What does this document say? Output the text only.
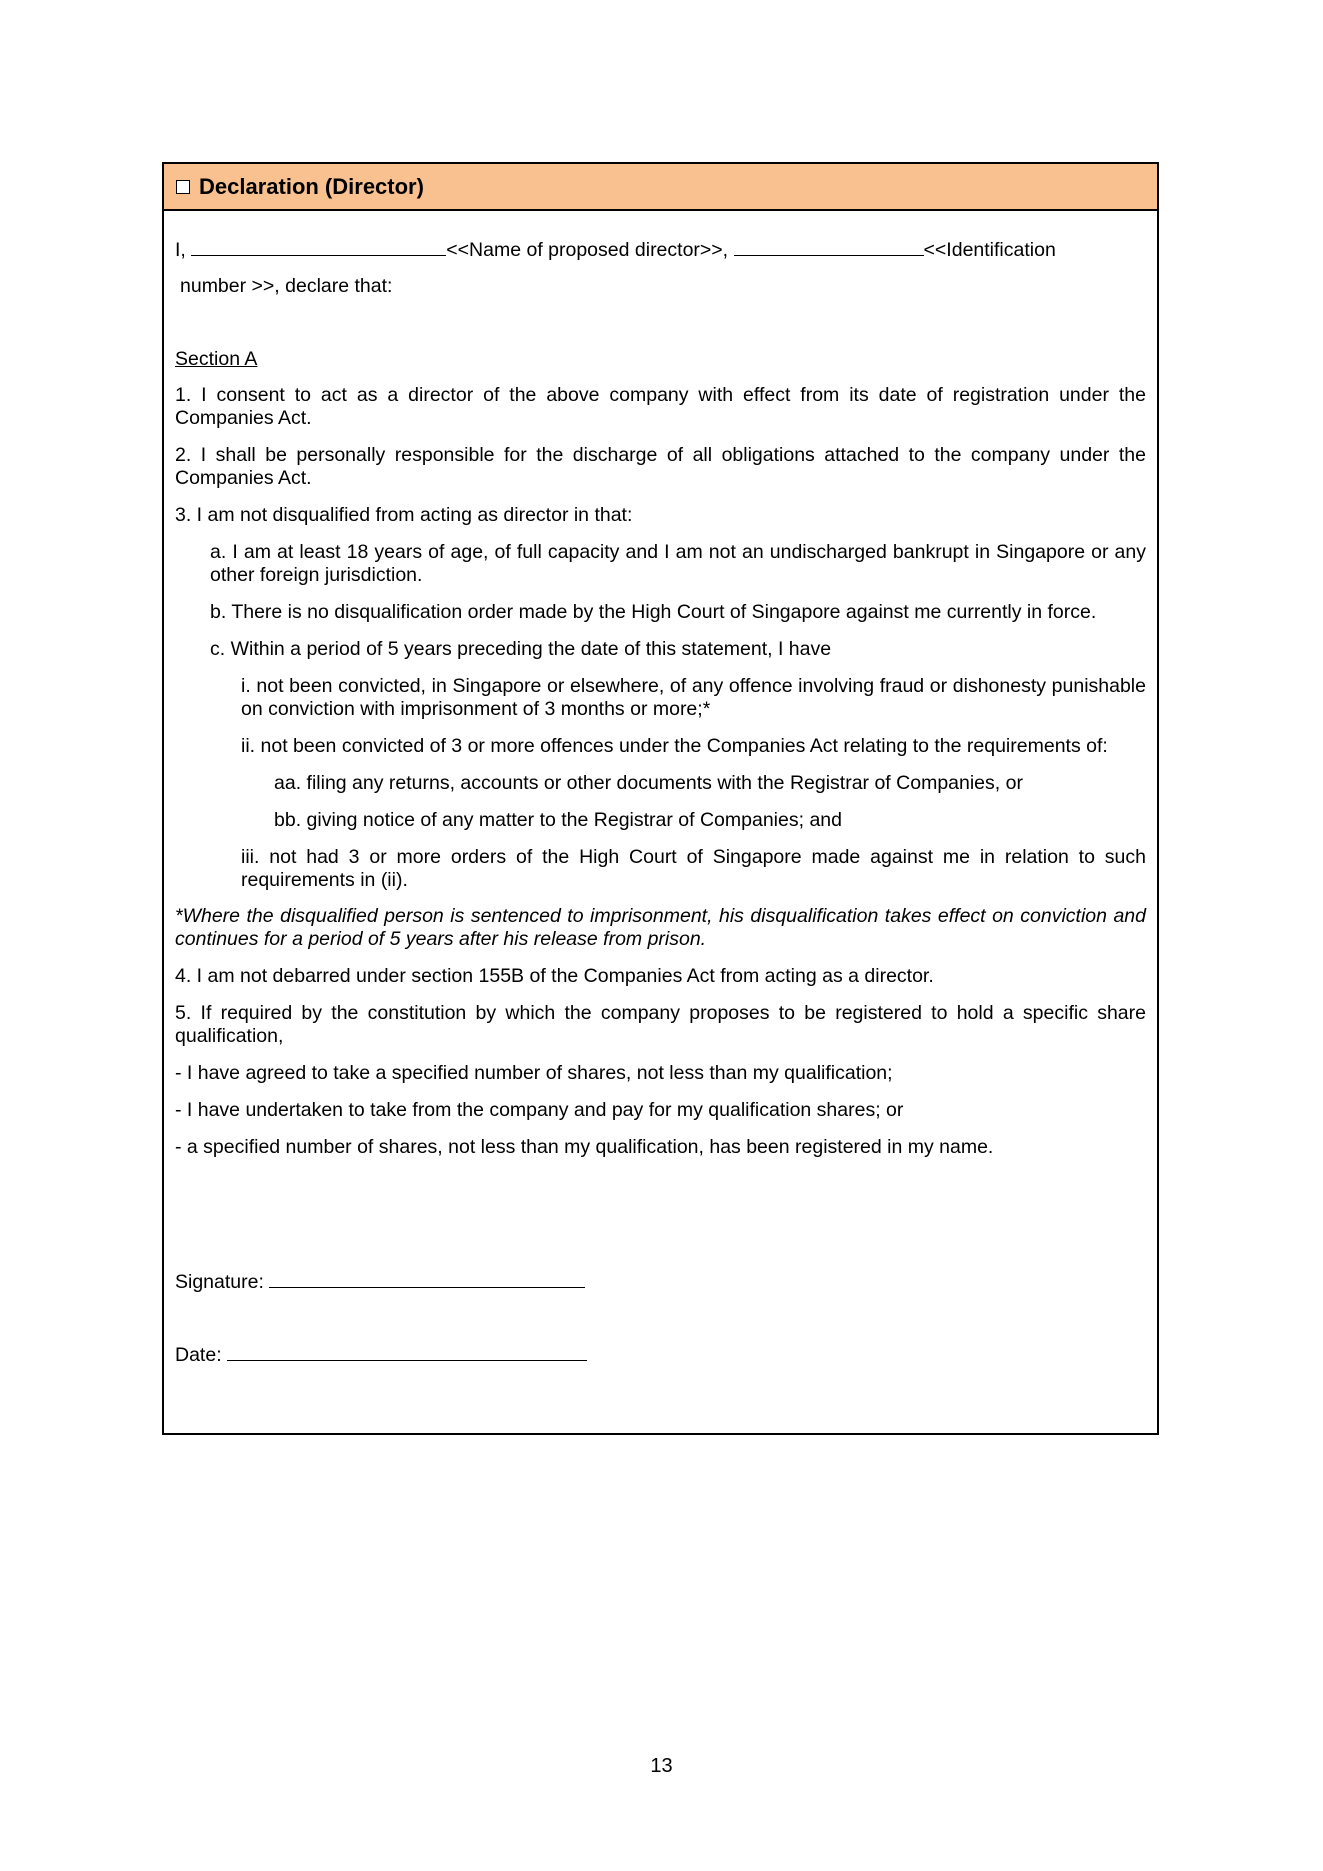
Declaration (Director)
I,	<<Name of proposed director>>,	<<Identification
number >>, declare that:
Section A
1. I consent to act as a director of the above company with effect from its date of registration under the Companies Act.
2. I shall be personally responsible for the discharge of all obligations attached to the company under the Companies Act.
3. I am not disqualified from acting as director in that:
a. I am at least 18 years of age, of full capacity and I am not an undischarged bankrupt in Singapore or any other foreign jurisdiction.
b. There is no disqualification order made by the High Court of Singapore against me currently in force.
c. Within a period of 5 years preceding the date of this statement, I have
i. not been convicted, in Singapore or elsewhere, of any offence involving fraud or dishonesty punishable on conviction with imprisonment of 3 months or more;*
ii. not been convicted of 3 or more offences under the Companies Act relating to the requirements of:
aa. filing any returns, accounts or other documents with the Registrar of Companies, or
bb. giving notice of any matter to the Registrar of Companies; and
iii. not had 3 or more orders of the High Court of Singapore made against me in relation to such requirements in (ii).
*Where the disqualified person is sentenced to imprisonment, his disqualification takes effect on conviction and continues for a period of 5 years after his release from prison.
4. I am not debarred under section 155B of the Companies Act from acting as a director.
5. If required by the constitution by which the company proposes to be registered to hold a specific share qualification,
- I have agreed to take a specified number of shares, not less than my qualification;
- I have undertaken to take from the company and pay for my qualification shares; or
- a specified number of shares, not less than my qualification, has been registered in my name.
Signature:
Date:
13
